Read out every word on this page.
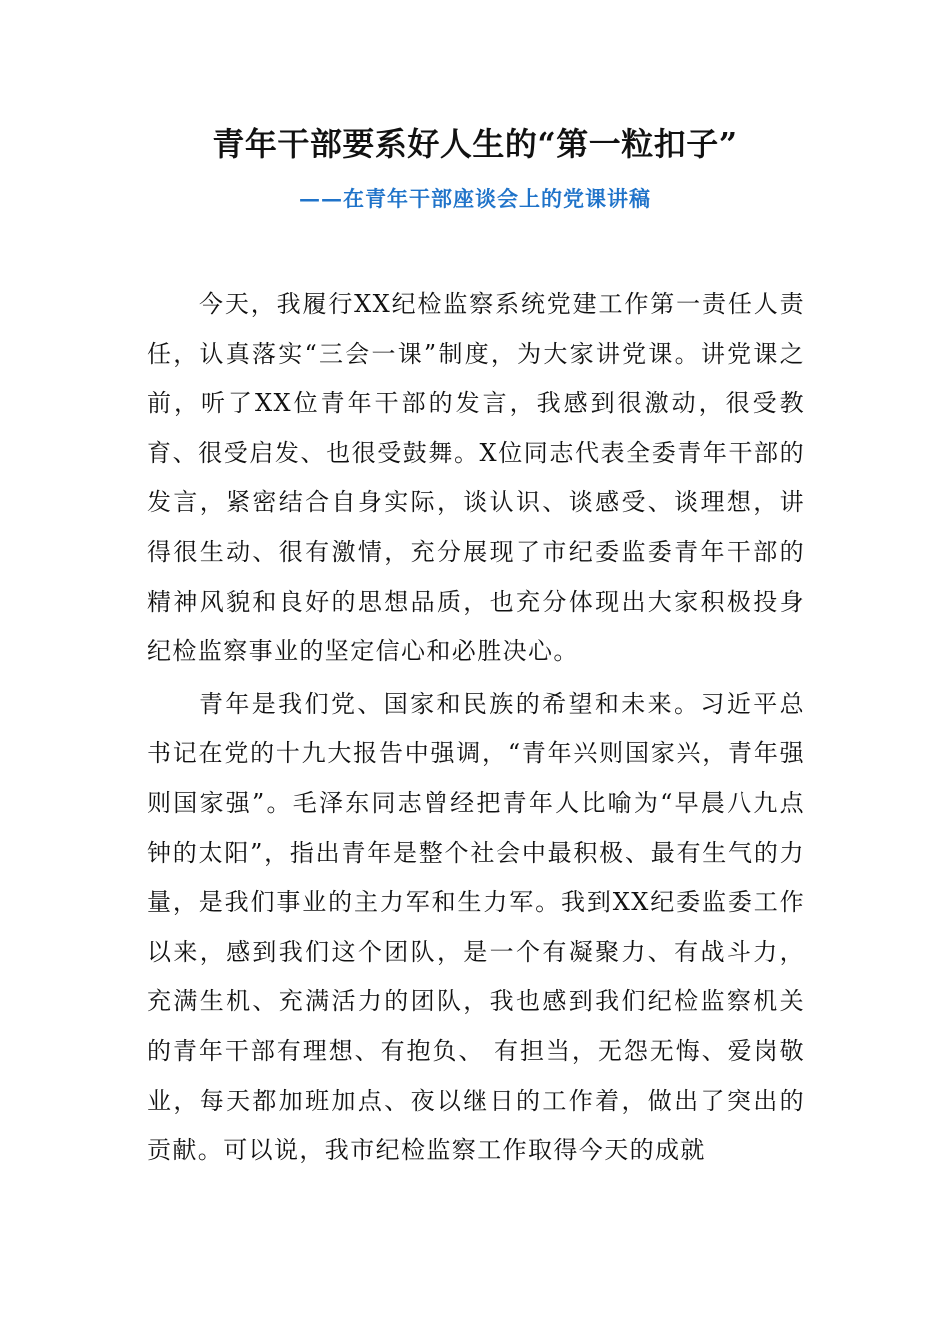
青年干部要系好人生的“第一粒扣子”
——在青年干部座谈会上的党课讲稿

今天，我履行XX纪检监察系统党建工作第一责任人责任，认真落实“三会一课”制度，为大家讲党课。讲党课之前，听了XX位青年干部的发言，我感到很激动，很受教育、很受启发、也很受鼓舞。X位同志代表全委青年干部的发言，紧密结合自身实际，谈认识、谈感受、谈理想，讲得很生动、很有激情，充分展现了市纪委监委青年干部的精神风貌和良好的思想品质，也充分体现出大家积极投身纪检监察事业的坚定信心和必胜决心。

青年是我们党、国家和民族的希望和未来。习近平总书记在党的十九大报告中强调，“青年兴则国家兴，青年强则国家强”。毛泽东同志曾经把青年人比喻为“早晨八九点钟的太阳”，指出青年是整个社会中最积极、最有生气的力量，是我们事业的主力军和生力军。我到XX纪委监委工作以来，感到我们这个团队，是一个有凝聚力、有战斗力，充满生机、充满活力的团队，我也感到我们纪检监察机关的青年干部有理想、有抱负、 有担当，无怨无悔、爱岗敬业，每天都加班加点、夜以继日的工作着，做出了突出的贡献。可以说，我市纪检监察工作取得今天的成就
